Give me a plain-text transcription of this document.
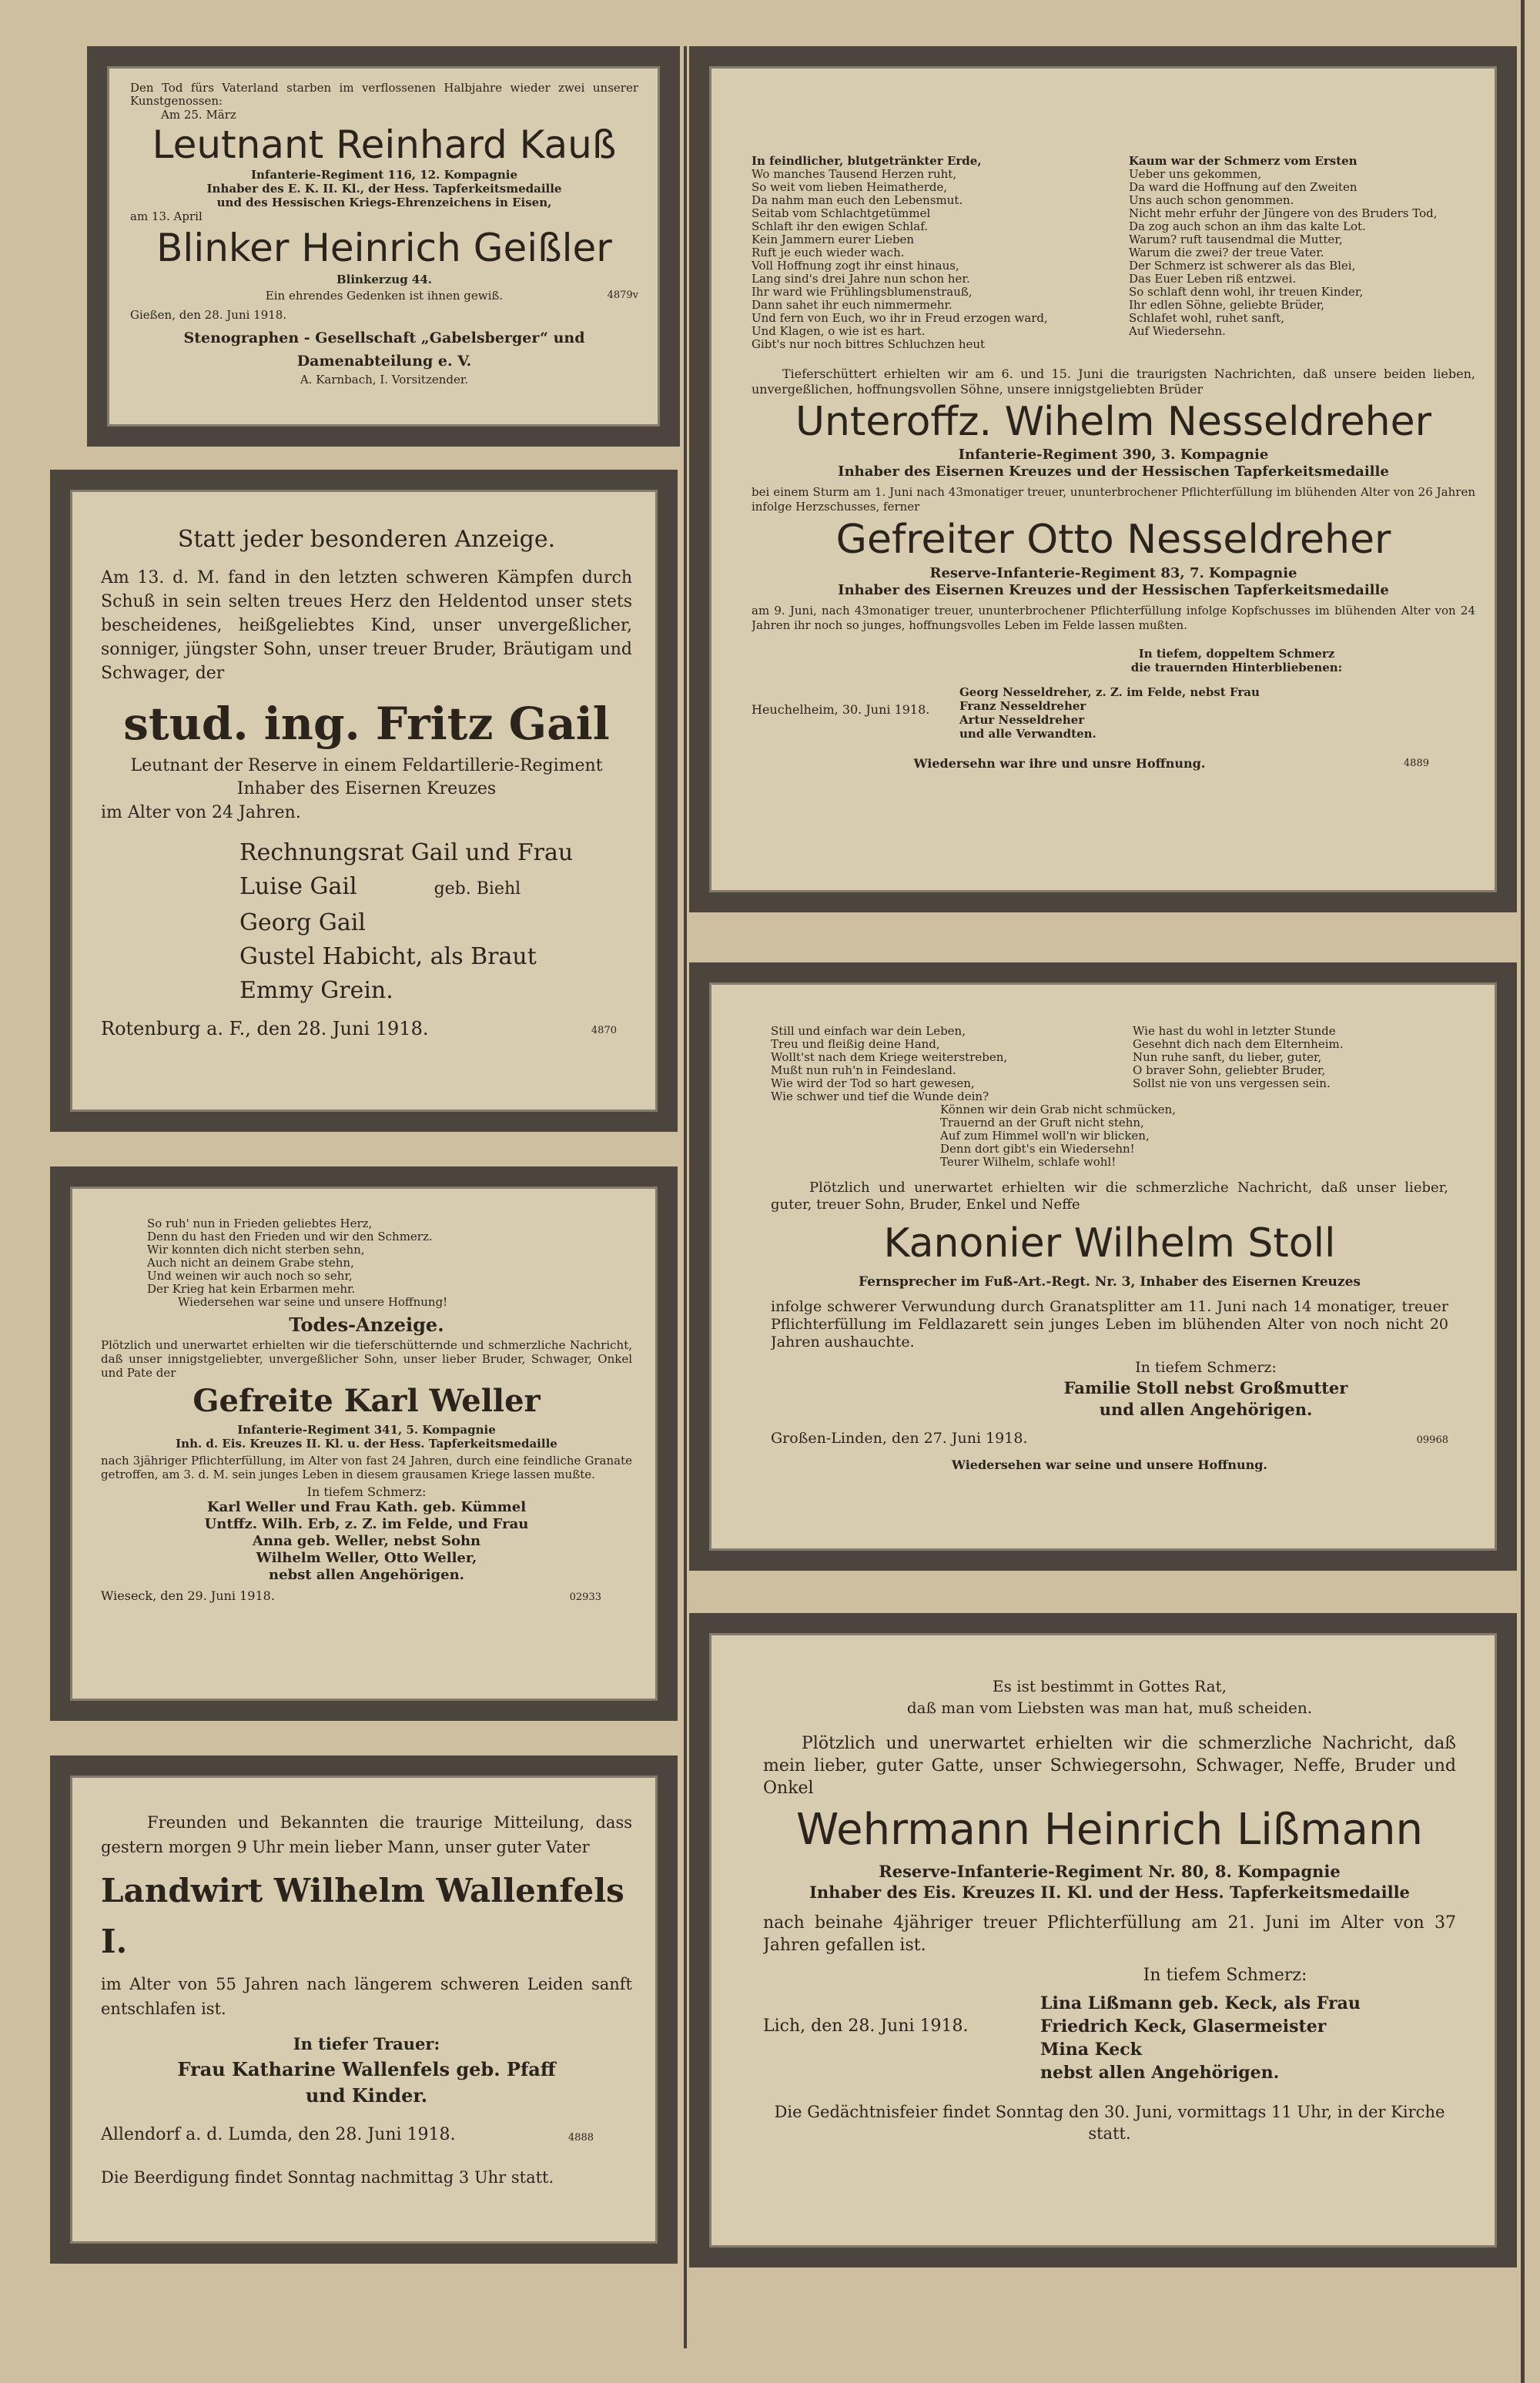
Den Tod fürs Vaterland starben im verflossenen Halbjahre wieder zwei unserer Kunstgenossen:
Am 25. März
Leutnant Reinhard Kauß
Infanterie-Regiment 116, 12. Kompagnie
Inhaber des E. K. II. Kl., der Hess. Tapferkeitsmedaille
und des Hessischen Kriegs-Ehrenzeichens in Eisen,
am 13. April
Blinker Heinrich Geißler
Blinkerzug 44.
Ein ehrendes Gedenken ist ihnen gewiß.	4879v
Gießen, den 28. Juni 1918.
Stenographen - Gesellschaft „Gabelsberger“ und Damenabteilung e. V.
A. Karnbach, I. Vorsitzender.
Statt jeder besonderen Anzeige.
Am 13. d. M. fand in den letzten schweren Kämpfen durch Schuß in sein selten treues Herz den Heldentod unser stets bescheidenes, heißgeliebtes Kind, unser unvergeßlicher, sonniger, jüngster Sohn, unser treuer Bruder, Bräutigam und Schwager, der
stud. ing. Fritz Gail
Leutnant der Reserve in einem Feldartillerie-Regiment
Inhaber des Eisernen Kreuzes
im Alter von 24 Jahren.
Rechnungsrat Gail und Frau
Luise Gail	geb. Biehl
Georg Gail
Gustel Habicht, als Braut
Emmy Grein.
Rotenburg a. F., den 28. Juni 1918.	4870
So ruh' nun in Frieden geliebtes Herz,
Denn du hast den Frieden und wir den Schmerz.
Wir konnten dich nicht sterben sehn,
Auch nicht an deinem Grabe stehn,
Und weinen wir auch noch so sehr,
Der Krieg hat kein Erbarmen mehr.
Wiedersehen war seine und unsere Hoffnung!
Todes-Anzeige.
Plötzlich und unerwartet erhielten wir die tieferschütternde und schmerzliche Nachricht, daß unser innigstgeliebter, unvergeßlicher Sohn, unser lieber Bruder, Schwager, Onkel und Pate der
Gefreite Karl Weller
Infanterie-Regiment 341, 5. Kompagnie
Inh. d. Eis. Kreuzes II. Kl. u. der Hess. Tapferkeitsmedaille
nach 3jähriger Pflichterfüllung, im Alter von fast 24 Jahren, durch eine feindliche Granate getroffen, am 3. d. M. sein junges Leben in diesem grausamen Kriege lassen mußte.
In tiefem Schmerz:
Karl Weller und Frau Kath. geb. Kümmel
Untffz. Wilh. Erb, z. Z. im Felde, und Frau
Anna geb. Weller, nebst Sohn
Wilhelm Weller, Otto Weller,
nebst allen Angehörigen.
Wieseck, den 29. Juni 1918.	02933
Freunden und Bekannten die traurige Mitteilung, dass gestern morgen 9 Uhr mein lieber Mann, unser guter Vater
Landwirt Wilhelm Wallenfels I.
im Alter von 55 Jahren nach längerem schweren Leiden sanft entschlafen ist.
In tiefer Trauer:
Frau Katharine Wallenfels geb. Pfaff
und Kinder.
Allendorf a. d. Lumda, den 28. Juni 1918.	4888
Die Beerdigung findet Sonntag nachmittag 3 Uhr statt.
In feindlicher, blutgetränkter Erde,
Wo manches Tausend Herzen ruht,
So weit vom lieben Heimatherde,
Da nahm man euch den Lebensmut.
Seitab vom Schlachtgetümmel
Schlaft ihr den ewigen Schlaf.
Kein Jammern eurer Lieben
Ruft je euch wieder wach.
Voll Hoffnung zogt ihr einst hinaus,
Lang sind's drei Jahre nun schon her.
Ihr ward wie Frühlingsblumenstrauß,
Dann sahet ihr euch nimmermehr.
Und fern von Euch, wo ihr in Freud erzogen ward,
Und Klagen, o wie ist es hart.
Gibt's nur noch bittres Schluchzen heut
Kaum war der Schmerz vom Ersten
Ueber uns gekommen,
Da ward die Hoffnung auf den Zweiten
Uns auch schon genommen.
Nicht mehr erfuhr der Jüngere von des Bruders Tod,
Da zog auch schon an ihm das kalte Lot.
Warum? ruft tausendmal die Mutter,
Warum die zwei? der treue Vater.
Der Schmerz ist schwerer als das Blei,
Das Euer Leben riß entzwei.
So schlaft denn wohl, ihr treuen Kinder,
Ihr edlen Söhne, geliebte Brüder,
Schlafet wohl, ruhet sanft,
Auf Wiedersehn.
Tieferschüttert erhielten wir am 6. und 15. Juni die traurigsten Nachrichten, daß unsere beiden lieben, unvergeßlichen, hoffnungsvollen Söhne, unsere innigstgeliebten Brüder
Unteroffz. Wihelm Nesseldreher
Infanterie-Regiment 390, 3. Kompagnie
Inhaber des Eisernen Kreuzes und der Hessischen Tapferkeitsmedaille
bei einem Sturm am 1. Juni nach 43monatiger treuer, ununterbrochener Pflichterfüllung im blühenden Alter von 26 Jahren infolge Herzschusses, ferner
Gefreiter Otto Nesseldreher
Reserve-Infanterie-Regiment 83, 7. Kompagnie
Inhaber des Eisernen Kreuzes und der Hessischen Tapferkeitsmedaille
am 9. Juni, nach 43monatiger treuer, ununterbrochener Pflichterfüllung infolge Kopfschusses im blühenden Alter von 24 Jahren ihr noch so junges, hoffnungsvolles Leben im Felde lassen mußten.
In tiefem, doppeltem Schmerz
die trauernden Hinterbliebenen:
Georg Nesseldreher, z. Z. im Felde, nebst Frau
Franz Nesseldreher
Artur Nesseldreher
und alle Verwandten.
Heuchelheim, 30. Juni 1918.
Wiedersehn war ihre und unsre Hoffnung.	4889
Still und einfach war dein Leben,
Treu und fleißig deine Hand,
Wollt'st nach dem Kriege weiterstreben,
Mußt nun ruh'n in Feindesland.
Wie wird der Tod so hart gewesen,
Wie schwer und tief die Wunde dein?
Wie hast du wohl in letzter Stunde
Gesehnt dich nach dem Elternheim.
Nun ruhe sanft, du lieber, guter,
O braver Sohn, geliebter Bruder,
Sollst nie von uns vergessen sein.
Können wir dein Grab nicht schmücken,
Trauernd an der Gruft nicht stehn,
Auf zum Himmel woll'n wir blicken,
Denn dort gibt's ein Wiedersehn!
Teurer Wilhelm, schlafe wohl!
Plötzlich und unerwartet erhielten wir die schmerzliche Nachricht, daß unser lieber, guter, treuer Sohn, Bruder, Enkel und Neffe
Kanonier Wilhelm Stoll
Fernsprecher im Fuß-Art.-Regt. Nr. 3, Inhaber des Eisernen Kreuzes
infolge schwerer Verwundung durch Granatsplitter am 11. Juni nach 14 monatiger, treuer Pflichterfüllung im Feldlazarett sein junges Leben im blühenden Alter von noch nicht 20 Jahren aushauchte.
In tiefem Schmerz:
Familie Stoll nebst Großmutter
und allen Angehörigen.
Großen-Linden, den 27. Juni 1918.	09968
Wiedersehen war seine und unsere Hoffnung.
Es ist bestimmt in Gottes Rat,
daß man vom Liebsten was man hat, muß scheiden.
Plötzlich und unerwartet erhielten wir die schmerzliche Nachricht, daß mein lieber, guter Gatte, unser Schwiegersohn, Schwager, Neffe, Bruder und Onkel
Wehrmann Heinrich Lißmann
Reserve-Infanterie-Regiment Nr. 80, 8. Kompagnie
Inhaber des Eis. Kreuzes II. Kl. und der Hess. Tapferkeitsmedaille
nach beinahe 4jähriger treuer Pflichterfüllung am 21. Juni im Alter von 37 Jahren gefallen ist.
In tiefem Schmerz:
Lina Lißmann geb. Keck, als Frau
Friedrich Keck, Glasermeister
Mina Keck
nebst allen Angehörigen.
Lich, den 28. Juni 1918.
Die Gedächtnisfeier findet Sonntag den 30. Juni, vormittags 11 Uhr, in der Kirche statt.
